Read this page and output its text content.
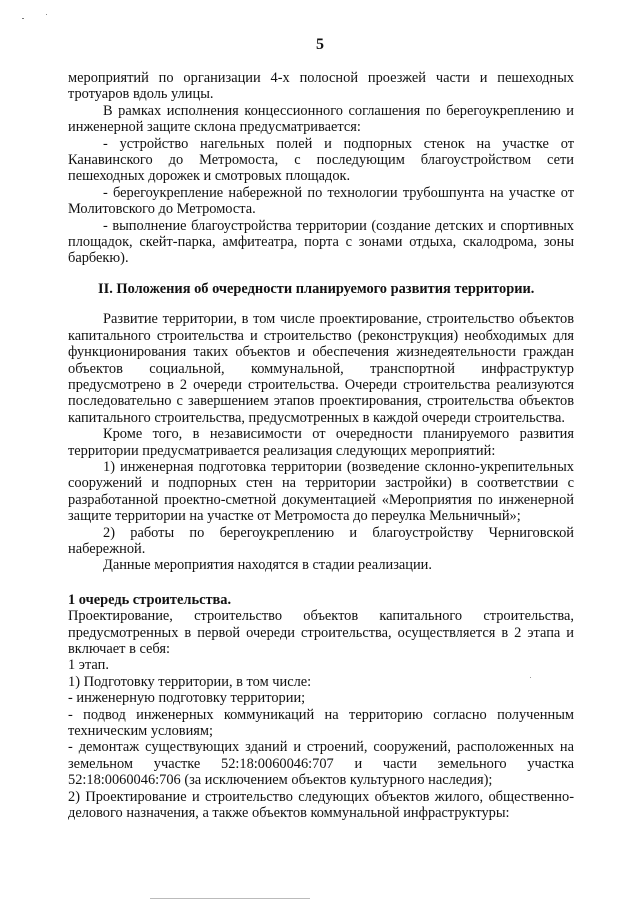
5

мероприятий по организации 4-х полосной проезжей части и пешеходных тротуаров вдоль улицы.

В рамках исполнения концессионного соглашения по берегоукреплению и инженерной защите склона предусматривается:

- устройство нагельных полей и подпорных стенок на участке от Канавинского до Метромоста, с последующим благоустройством сети пешеходных дорожек и смотровых площадок.

- берегоукрепление набережной по технологии трубошпунта на участке от Молитовского до Метромоста.

- выполнение благоустройства территории (создание детских и спортивных площадок, скейт-парка, амфитеатра, порта с зонами отдыха, скалодрома, зоны барбекю).

II. Положения об очередности планируемого развития территории.

Развитие территории, в том числе проектирование, строительство объектов капитального строительства и строительство (реконструкция) необходимых для функционирования таких объектов и обеспечения жизнедеятельности граждан объектов социальной, коммунальной, транспортной инфраструктур предусмотрено в 2 очереди строительства. Очереди строительства реализуются последовательно с завершением этапов проектирования, строительства объектов капитального строительства, предусмотренных в каждой очереди строительства.

Кроме того, в независимости от очередности планируемого развития территории предусматривается реализация следующих мероприятий:

1) инженерная подготовка территории (возведение склонно-укрепительных сооружений и подпорных стен на территории застройки) в соответствии с разработанной проектно-сметной документацией «Мероприятия по инженерной защите территории на участке от Метромоста до переулка Мельничный»;

2) работы по берегоукреплению и благоустройству Черниговской набережной.

Данные мероприятия находятся в стадии реализации.

1 очередь строительства.

Проектирование, строительство объектов капитального строительства, предусмотренных в первой очереди строительства, осуществляется в 2 этапа и включает в себя:

1 этап.

1) Подготовку территории, в том числе:

- инженерную подготовку территории;

- подвод инженерных коммуникаций на территорию согласно полученным техническим условиям;

- демонтаж существующих зданий и строений, сооружений, расположенных на земельном участке 52:18:0060046:707 и части земельного участка 52:18:0060046:706 (за исключением объектов культурного наследия);

2) Проектирование и строительство следующих объектов жилого, общественно-делового назначения, а также объектов коммунальной инфраструктуры:
